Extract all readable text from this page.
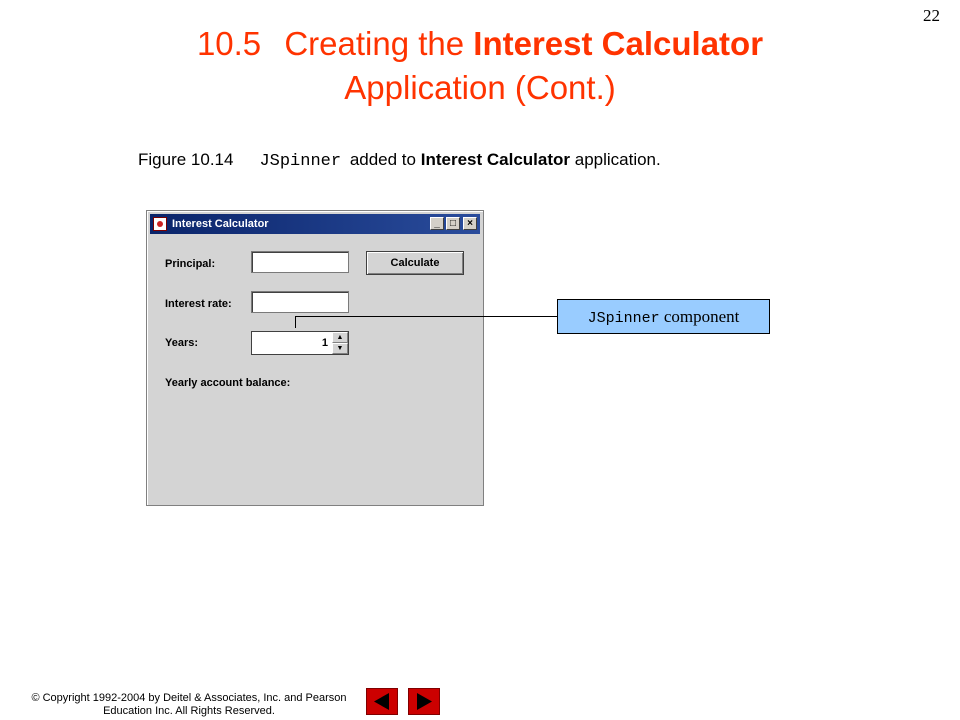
22
10.5 Creating the Interest Calculator
Application (Cont.)
Figure 10.14 JSpinner added to Interest Calculator application.
Interest Calculator	_	□	×
Principal:	Calculate
Interest rate:
Years:	1	▲
▼
Yearly account balance:
JSpinner component
© Copyright 1992-2004 by Deitel & Associates, Inc. and Pearson
Education Inc. All Rights Reserved.
